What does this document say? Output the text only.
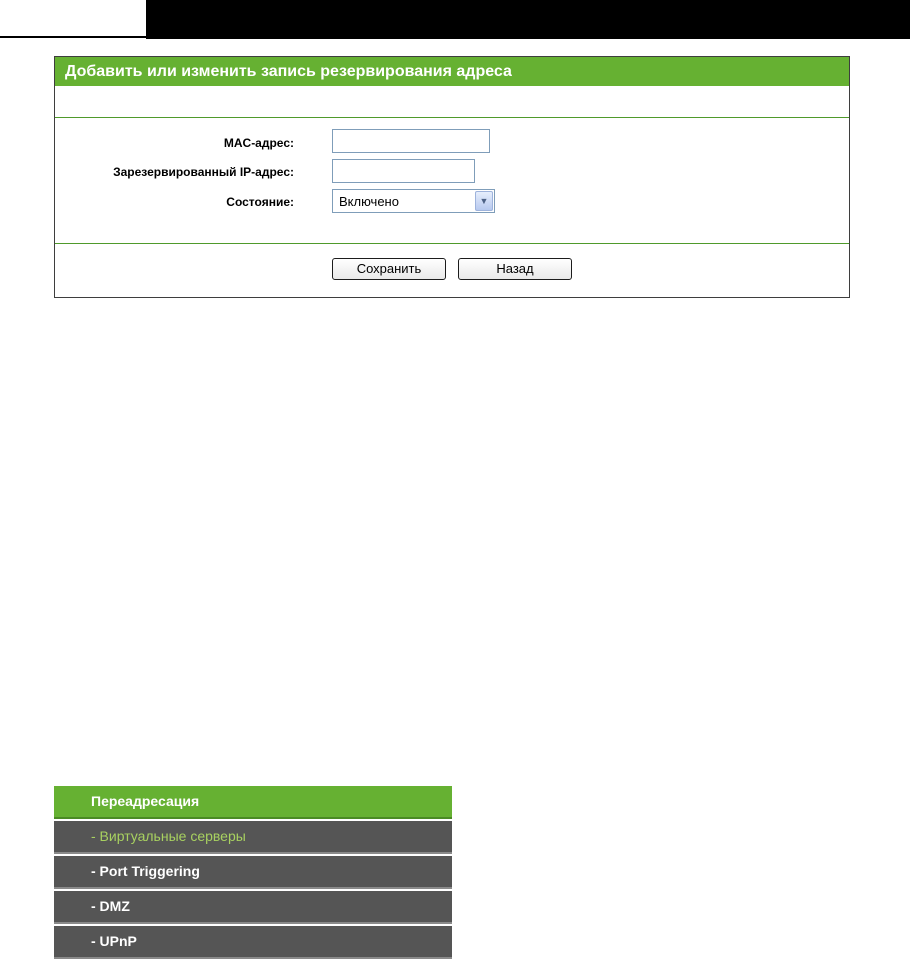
Добавить или изменить запись резервирования адреса
MAC-адрес:
Зарезервированный IP-адрес:
Состояние:	Включено	▼
Сохранить	Назад
Переадресация
- Виртуальные серверы
- Port Triggering
- DMZ
- UPnP
